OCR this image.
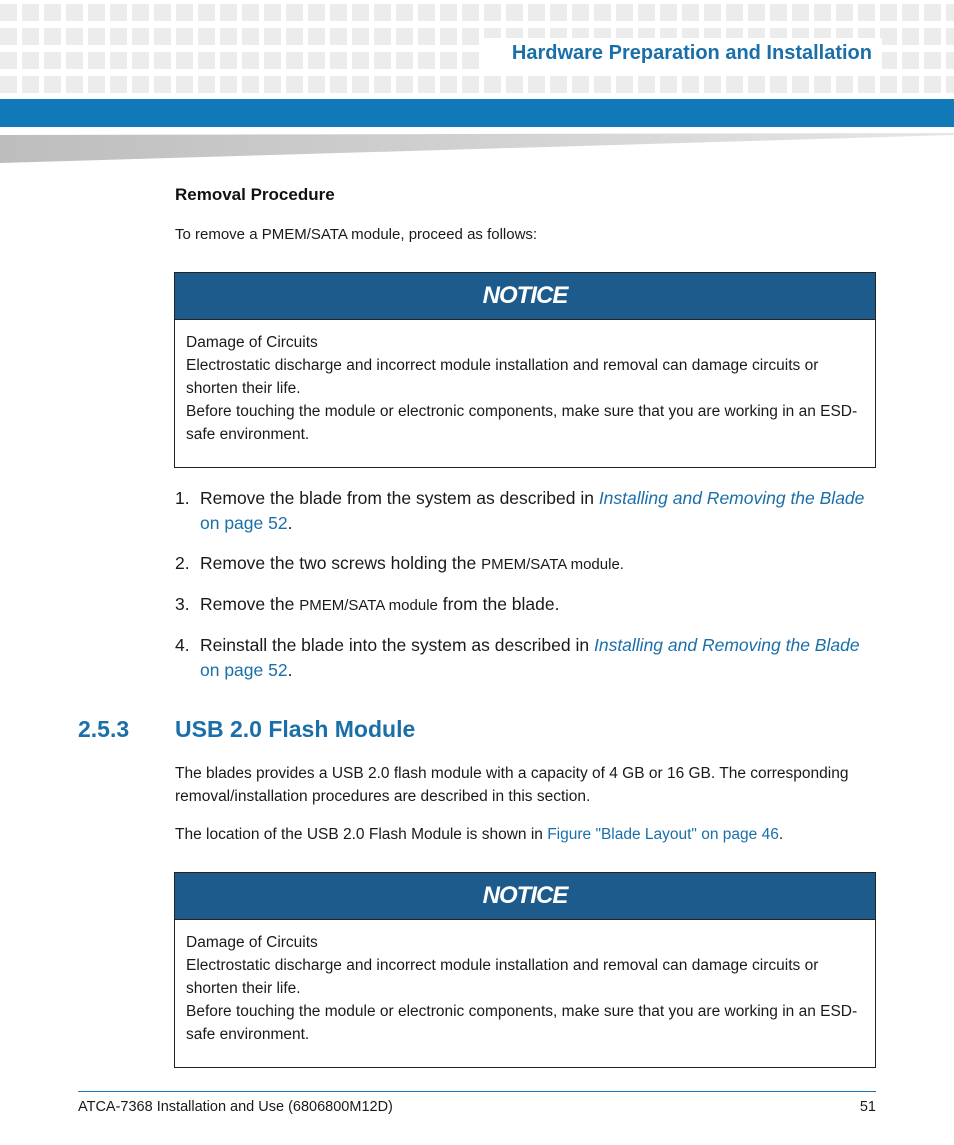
Hardware Preparation and Installation
Removal Procedure
To remove a PMEM/SATA module, proceed as follows:
NOTICE
Damage of Circuits
Electrostatic discharge and incorrect module installation and removal can damage circuits or shorten their life.
Before touching the module or electronic components, make sure that you are working in an ESD-safe environment.
1. Remove the blade from the system as described in Installing and Removing the Blade
on page 52.
2. Remove the two screws holding the PMEM/SATA module.
3. Remove the PMEM/SATA module from the blade.
4. Reinstall the blade into the system as described in Installing and Removing the Blade
on page 52.
2.5.3 USB 2.0 Flash Module
The blades provides a USB 2.0 flash module with a capacity of 4 GB or 16 GB. The corresponding removal/installation procedures are described in this section.
The location of the USB 2.0 Flash Module is shown in Figure "Blade Layout" on page 46.
NOTICE
Damage of Circuits
Electrostatic discharge and incorrect module installation and removal can damage circuits or shorten their life.
Before touching the module or electronic components, make sure that you are working in an ESD-safe environment.
ATCA-7368 Installation and Use (6806800M12D)	51
